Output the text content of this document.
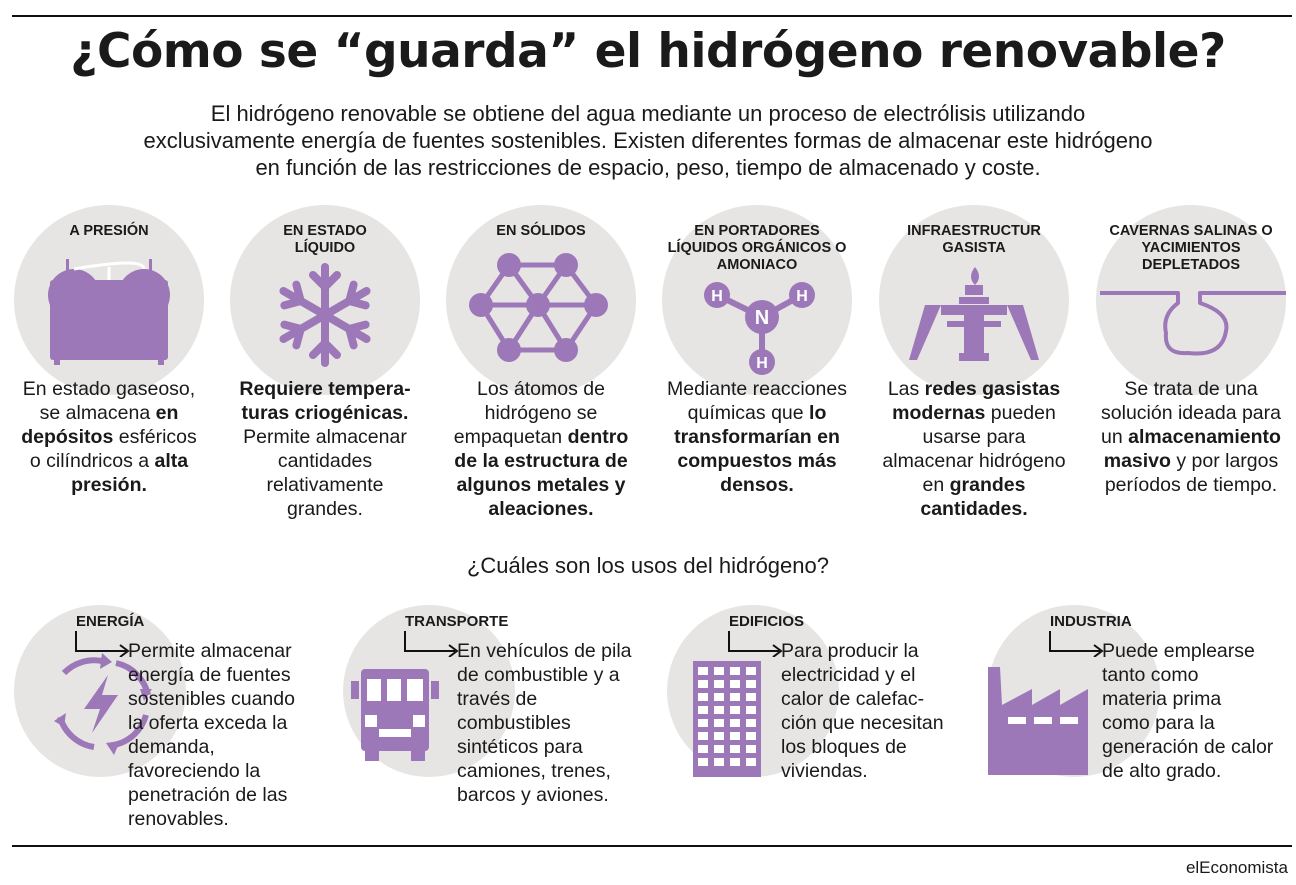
¿Cómo se “guarda” el hidrógeno renovable?
El hidrógeno renovable se obtiene del agua mediante un proceso de electrólisis utilizando
exclusivamente energía de fuentes sostenibles. Existen diferentes formas de almacenar este hidrógeno
en función de las restricciones de espacio, peso, tiempo de almacenado y coste.
A PRESIÓN
En estado gaseoso,
se almacena en
depósitos esféricos
o cilíndricos a alta
presión.
EN ESTADO
LÍQUIDO
Requiere tempera-
turas criogénicas.
Permite almacenar
cantidades
relativamente
grandes.
EN SÓLIDOS
Los átomos de
hidrógeno se
empaquetan dentro
de la estructura de
algunos metales y
aleaciones.
EN PORTADORES
LÍQUIDOS ORGÁNICOS O
AMONIACO
N
H	H
H
Mediante reacciones
químicas que lo
transformarían en
compuestos más
densos.
INFRAESTRUCTUR
GASISTA
Las redes gasistas
modernas pueden
usarse para
almacenar hidrógeno
en grandes
cantidades.
CAVERNAS SALINAS O
YACIMIENTOS
DEPLETADOS
Se trata de una
solución ideada para
un almacenamiento
masivo y por largos
períodos de tiempo.
¿Cuáles son los usos del hidrógeno?
ENERGÍA
Permite almacenar
energía de fuentes
sostenibles cuando
la oferta exceda la
demanda,
favoreciendo la
penetración de las
renovables.
TRANSPORTE
En vehículos de pila
de combustible y a
través de
combustibles
sintéticos para
camiones, trenes,
barcos y aviones.
EDIFICIOS
Para producir la
electricidad y el
calor de calefac-
ción que necesitan
los bloques de
viviendas.
INDUSTRIA
Puede emplearse
tanto como
materia prima
como para la
generación de calor
de alto grado.
elEconomista
